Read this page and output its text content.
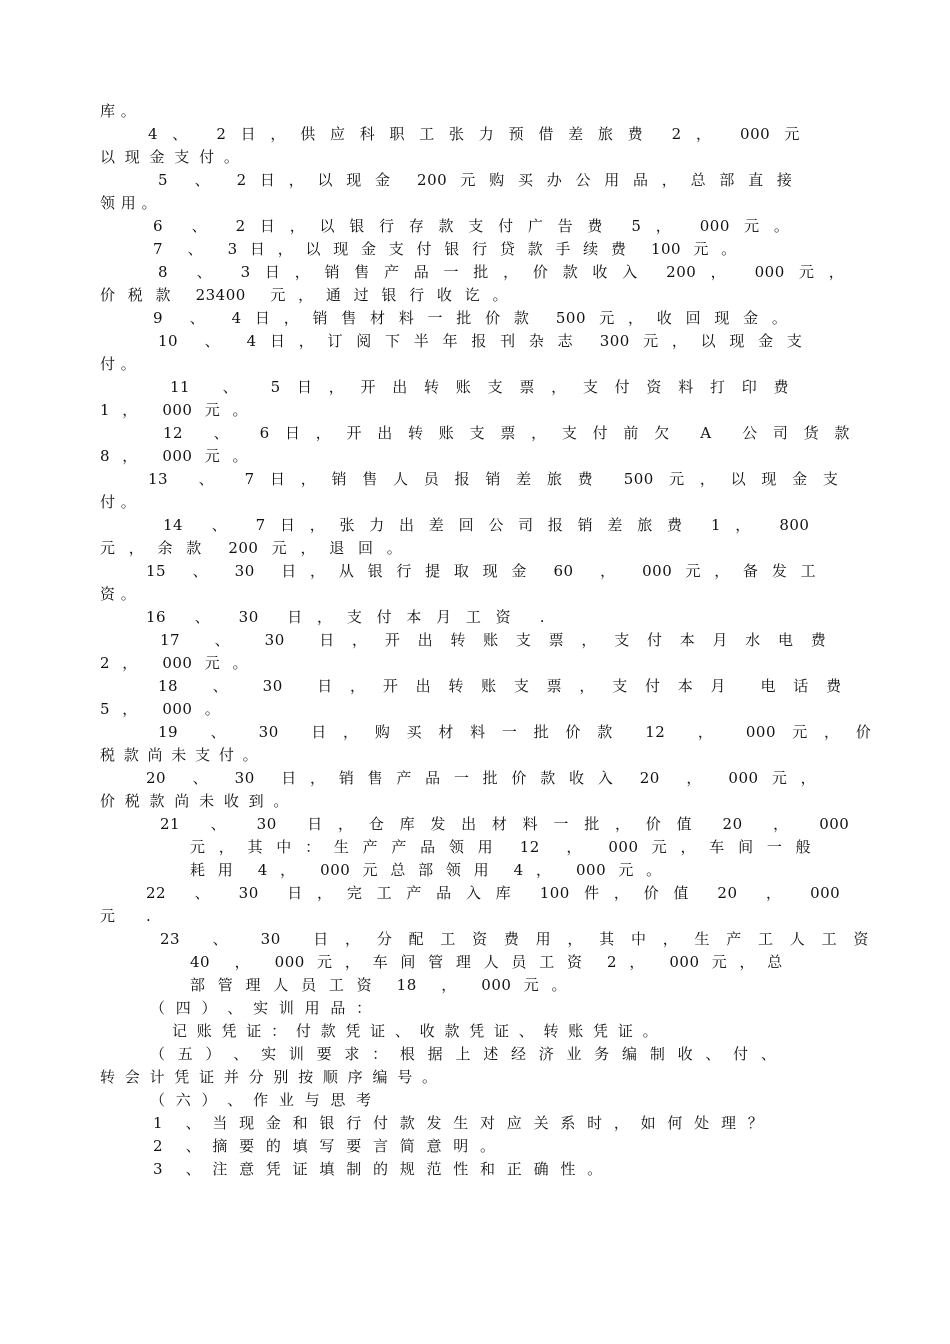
库 。
4 、  2 日 ， 供 应 科 职 工 张 力 预 借 差 旅 费  2 ，  000 元
以 现 金 支 付 。
5  、  2 日 ， 以 现 金  200 元 购 买 办 公 用 品 ， 总 部 直 接
领 用 。
6  、  2 日 ， 以 银 行 存 款 支 付 广 告 费  5 ，  000 元 。
7  、  3 日 ， 以 现 金 支 付 银 行 贷 款 手 续 费  100 元 。
8  、  3 日 ， 销 售 产 品 一 批 ， 价 款 收 入  200 ，  000 元 ，
价 税 款  23400  元 ， 通 过 银 行 收 讫 。
9  、  4 日 ， 销 售 材 料 一 批 价 款  500 元 ， 收 回 现 金 。
10  、  4 日 ， 订 阅 下 半 年 报 刊 杂 志  300 元 ， 以 现 金 支
付 。
11  、  5 日 ， 开 出 转 账 支 票 ， 支 付 资 料 打 印 费
1 ，  000 元 。
12  、  6 日 ， 开 出 转 账 支 票 ， 支 付 前 欠  A  公 司 货 款
8 ，  000 元 。
13  、  7 日 ， 销 售 人 员 报 销 差 旅 费  500 元 ， 以 现 金 支
付 。
14  、  7 日 ， 张 力 出 差 回 公 司 报 销 差 旅 费  1 ，  800
元 ， 余 款  200 元 ， 退 回 。
15  、  30  日 ， 从 银 行 提 取 现 金  60  ，  000 元 ， 备 发 工
资 。
16  、  30  日 ， 支 付 本 月 工 资  .
17  、  30  日 ， 开 出 转 账 支 票 ， 支 付 本 月 水 电 费
2 ，  000 元 。
18  、  30  日 ， 开 出 转 账 支 票 ， 支 付 本 月  电 话 费
5 ，  000 。
19  、  30  日 ， 购 买 材 料 一 批 价 款  12  ，  000 元 ， 价
税 款 尚 未 支 付 。
20  、  30  日 ， 销 售 产 品 一 批 价 款 收 入  20  ，  000 元 ，
价 税 款 尚 未 收 到 。
21  、  30  日 ， 仓 库 发 出 材 料 一 批 ， 价 值  20  ，  000
元 ， 其 中 ： 生 产 产 品 领 用  12  ，  000 元 ， 车 间 一 般
耗 用  4 ，  000 元 总 部 领 用  4 ，  000 元 。
22  、  30  日 ， 完 工 产 品 入 库  100 件 ， 价 值  20  ，  000
元  .
23  、  30  日 ， 分 配 工 资 费 用 ， 其 中 ， 生 产 工 人 工 资
40  ，  000 元 ， 车 间 管 理 人 员 工 资  2 ，  000 元 ， 总
部 管 理 人 员 工 资  18  ，  000 元 。
（ 四 ） 、 实 训 用 品 ：
记 账 凭 证 ： 付 款 凭 证 、 收 款 凭 证 、 转 账 凭 证 。
（ 五 ） 、 实 训 要 求 ： 根 据 上 述 经 济 业 务 编 制 收 、 付 、
转 会 计 凭 证 并 分 别 按 顺 序 编 号 。
（ 六 ） 、 作 业 与 思 考
1  、 当 现 金 和 银 行 付 款 发 生 对 应 关 系 时 ， 如 何 处 理 ？
2  、 摘 要 的 填 写 要 言 简 意 明 。
3  、 注 意 凭 证 填 制 的 规 范 性 和 正 确 性 。
